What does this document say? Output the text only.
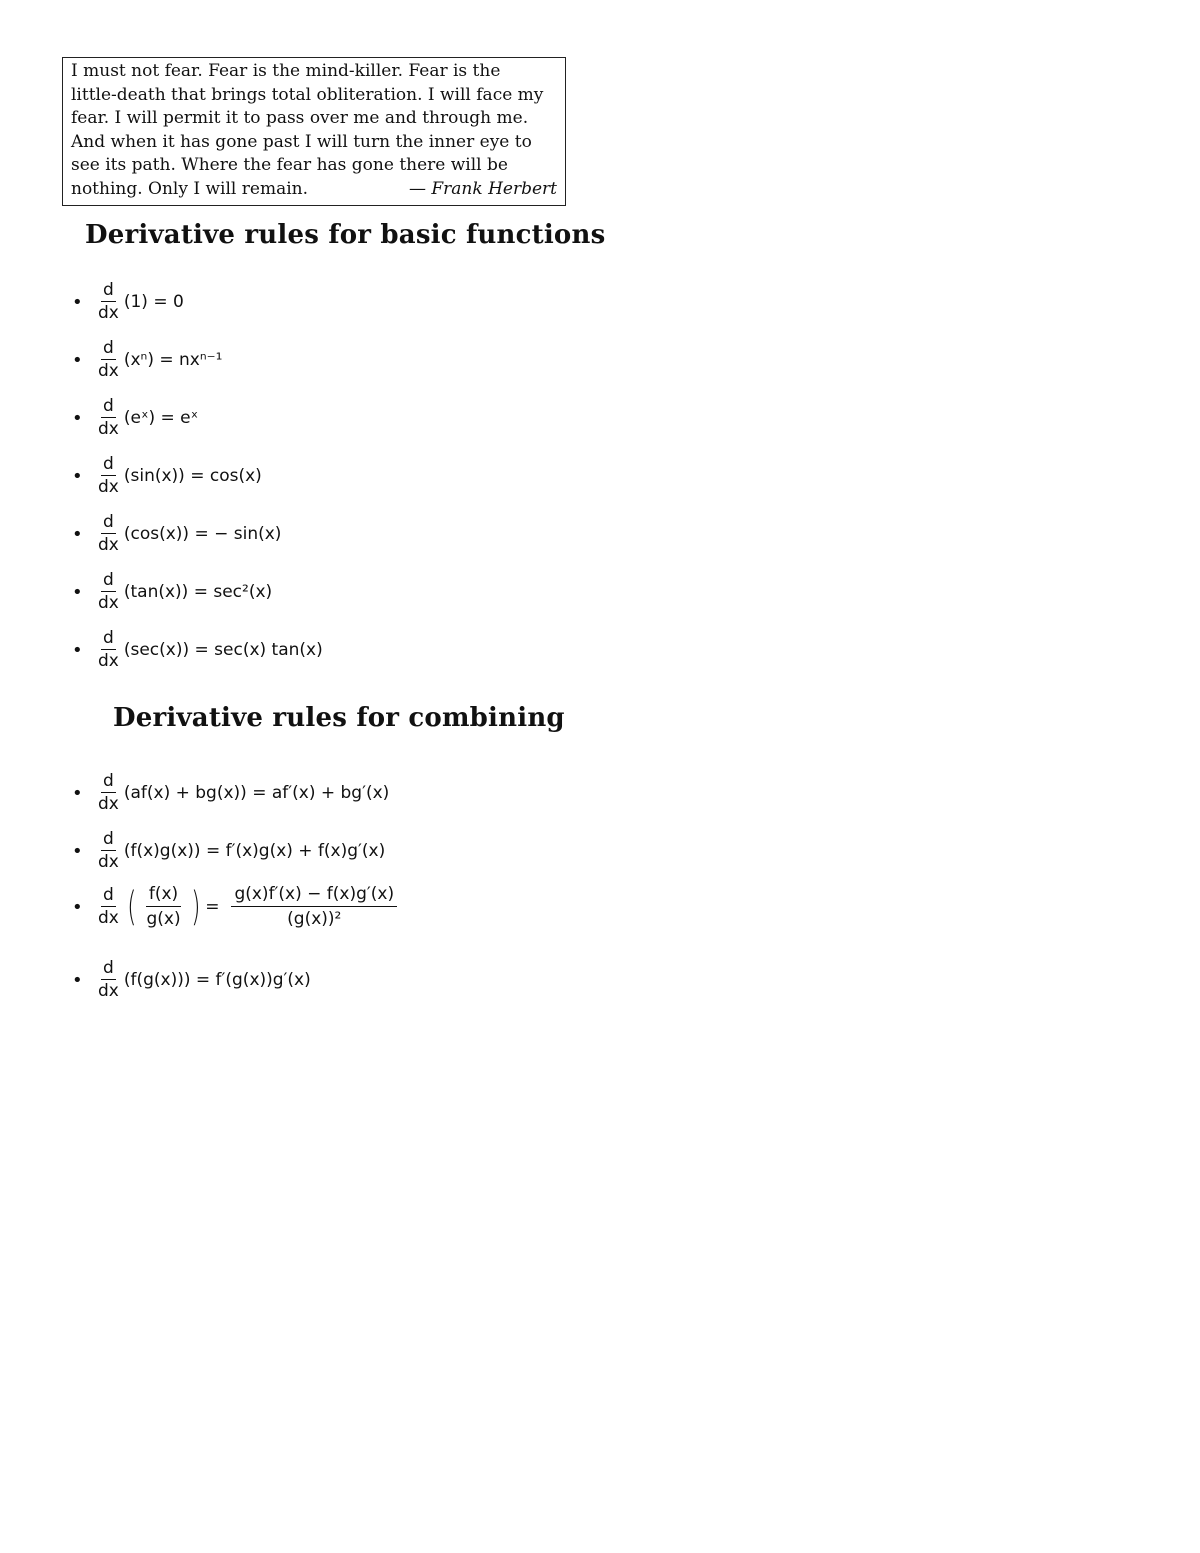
I must not fear. Fear is the mind-killer. Fear is the
little-death that brings total obliteration. I will face my
fear. I will permit it to pass over me and through me.
And when it has gone past I will turn the inner eye to
see its path. Where the fear has gone there will be
nothing. Only I will remain.	— Frank Herbert
Derivative rules for basic functions
• $\frac{d}{dx} (1) = 0$
• $\frac{d}{dx} (x^n) = nx^{n-1}$
• $\frac{d}{dx}$ (eˣ) = eˣ
• $\frac{d}{dx} (\sin(x)) = \cos(x)$
• $\frac{d}{dx} (\cos(x))$ = − sin(x)
• $\frac{d}{dx} (\tan(x)) = \sec^2(x)$
• $\frac{d}{dx} (\sec(x)) = \sec(x)$ tan(x)
Derivative rules for combining
• $\frac{d}{dx} (af(x) + bg(x)) = af'(x) + bg'(x)$
• $\frac{d}{dx} (f(x)g(x)) = f'(x)g(x) + f(x)g'(x)$
• $\frac{d}{dx}$ ( $\frac{f(x)}{g(x)}$ ) = $\frac{g(x)f'(x) - f(x)g'(x)}{\text{(g(x))²}}$
• $\frac{d}{dx} (f(g(x))) = f'(g(x))g'(x)$
